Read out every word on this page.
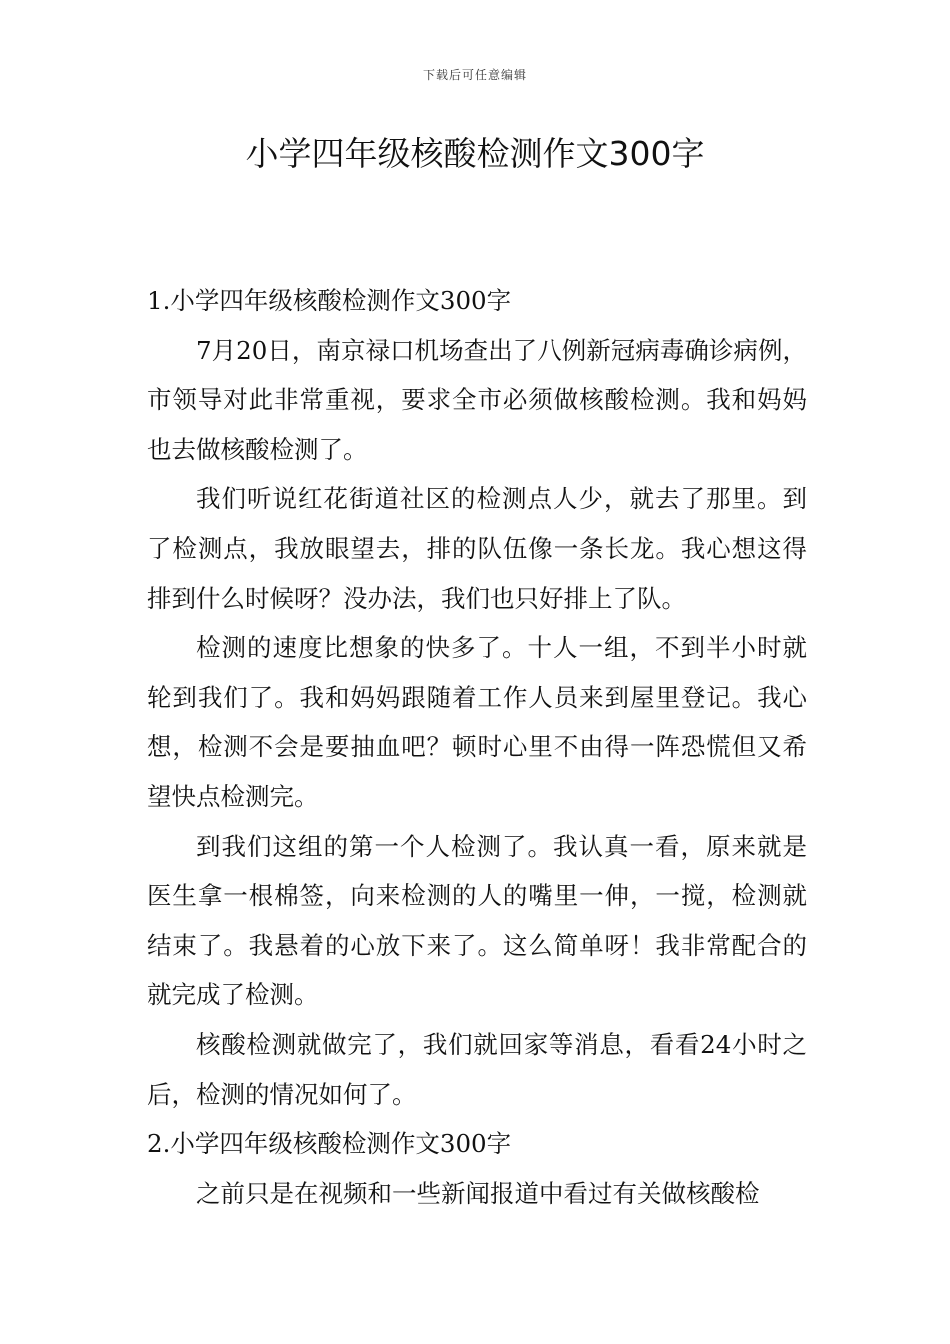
下载后可任意编辑
小学四年级核酸检测作文300字

1.小学四年级核酸检测作文300字

7月20日，南京禄口机场查出了八例新冠病毒确诊病例，市领导对此非常重视，要求全市必须做核酸检测。我和妈妈也去做核酸检测了。

我们听说红花街道社区的检测点人少，就去了那里。到了检测点，我放眼望去，排的队伍像一条长龙。我心想这得排到什么时候呀？没办法，我们也只好排上了队。

检测的速度比想象的快多了。十人一组，不到半小时就轮到我们了。我和妈妈跟随着工作人员来到屋里登记。我心想，检测不会是要抽血吧？顿时心里不由得一阵恐慌但又希望快点检测完。

到我们这组的第一个人检测了。我认真一看，原来就是医生拿一根棉签，向来检测的人的嘴里一伸，一搅，检测就结束了。我悬着的心放下来了。这么简单呀！我非常配合的就完成了检测。

核酸检测就做完了，我们就回家等消息，看看24小时之后，检测的情况如何了。

2.小学四年级核酸检测作文300字

之前只是在视频和一些新闻报道中看过有关做核酸检
